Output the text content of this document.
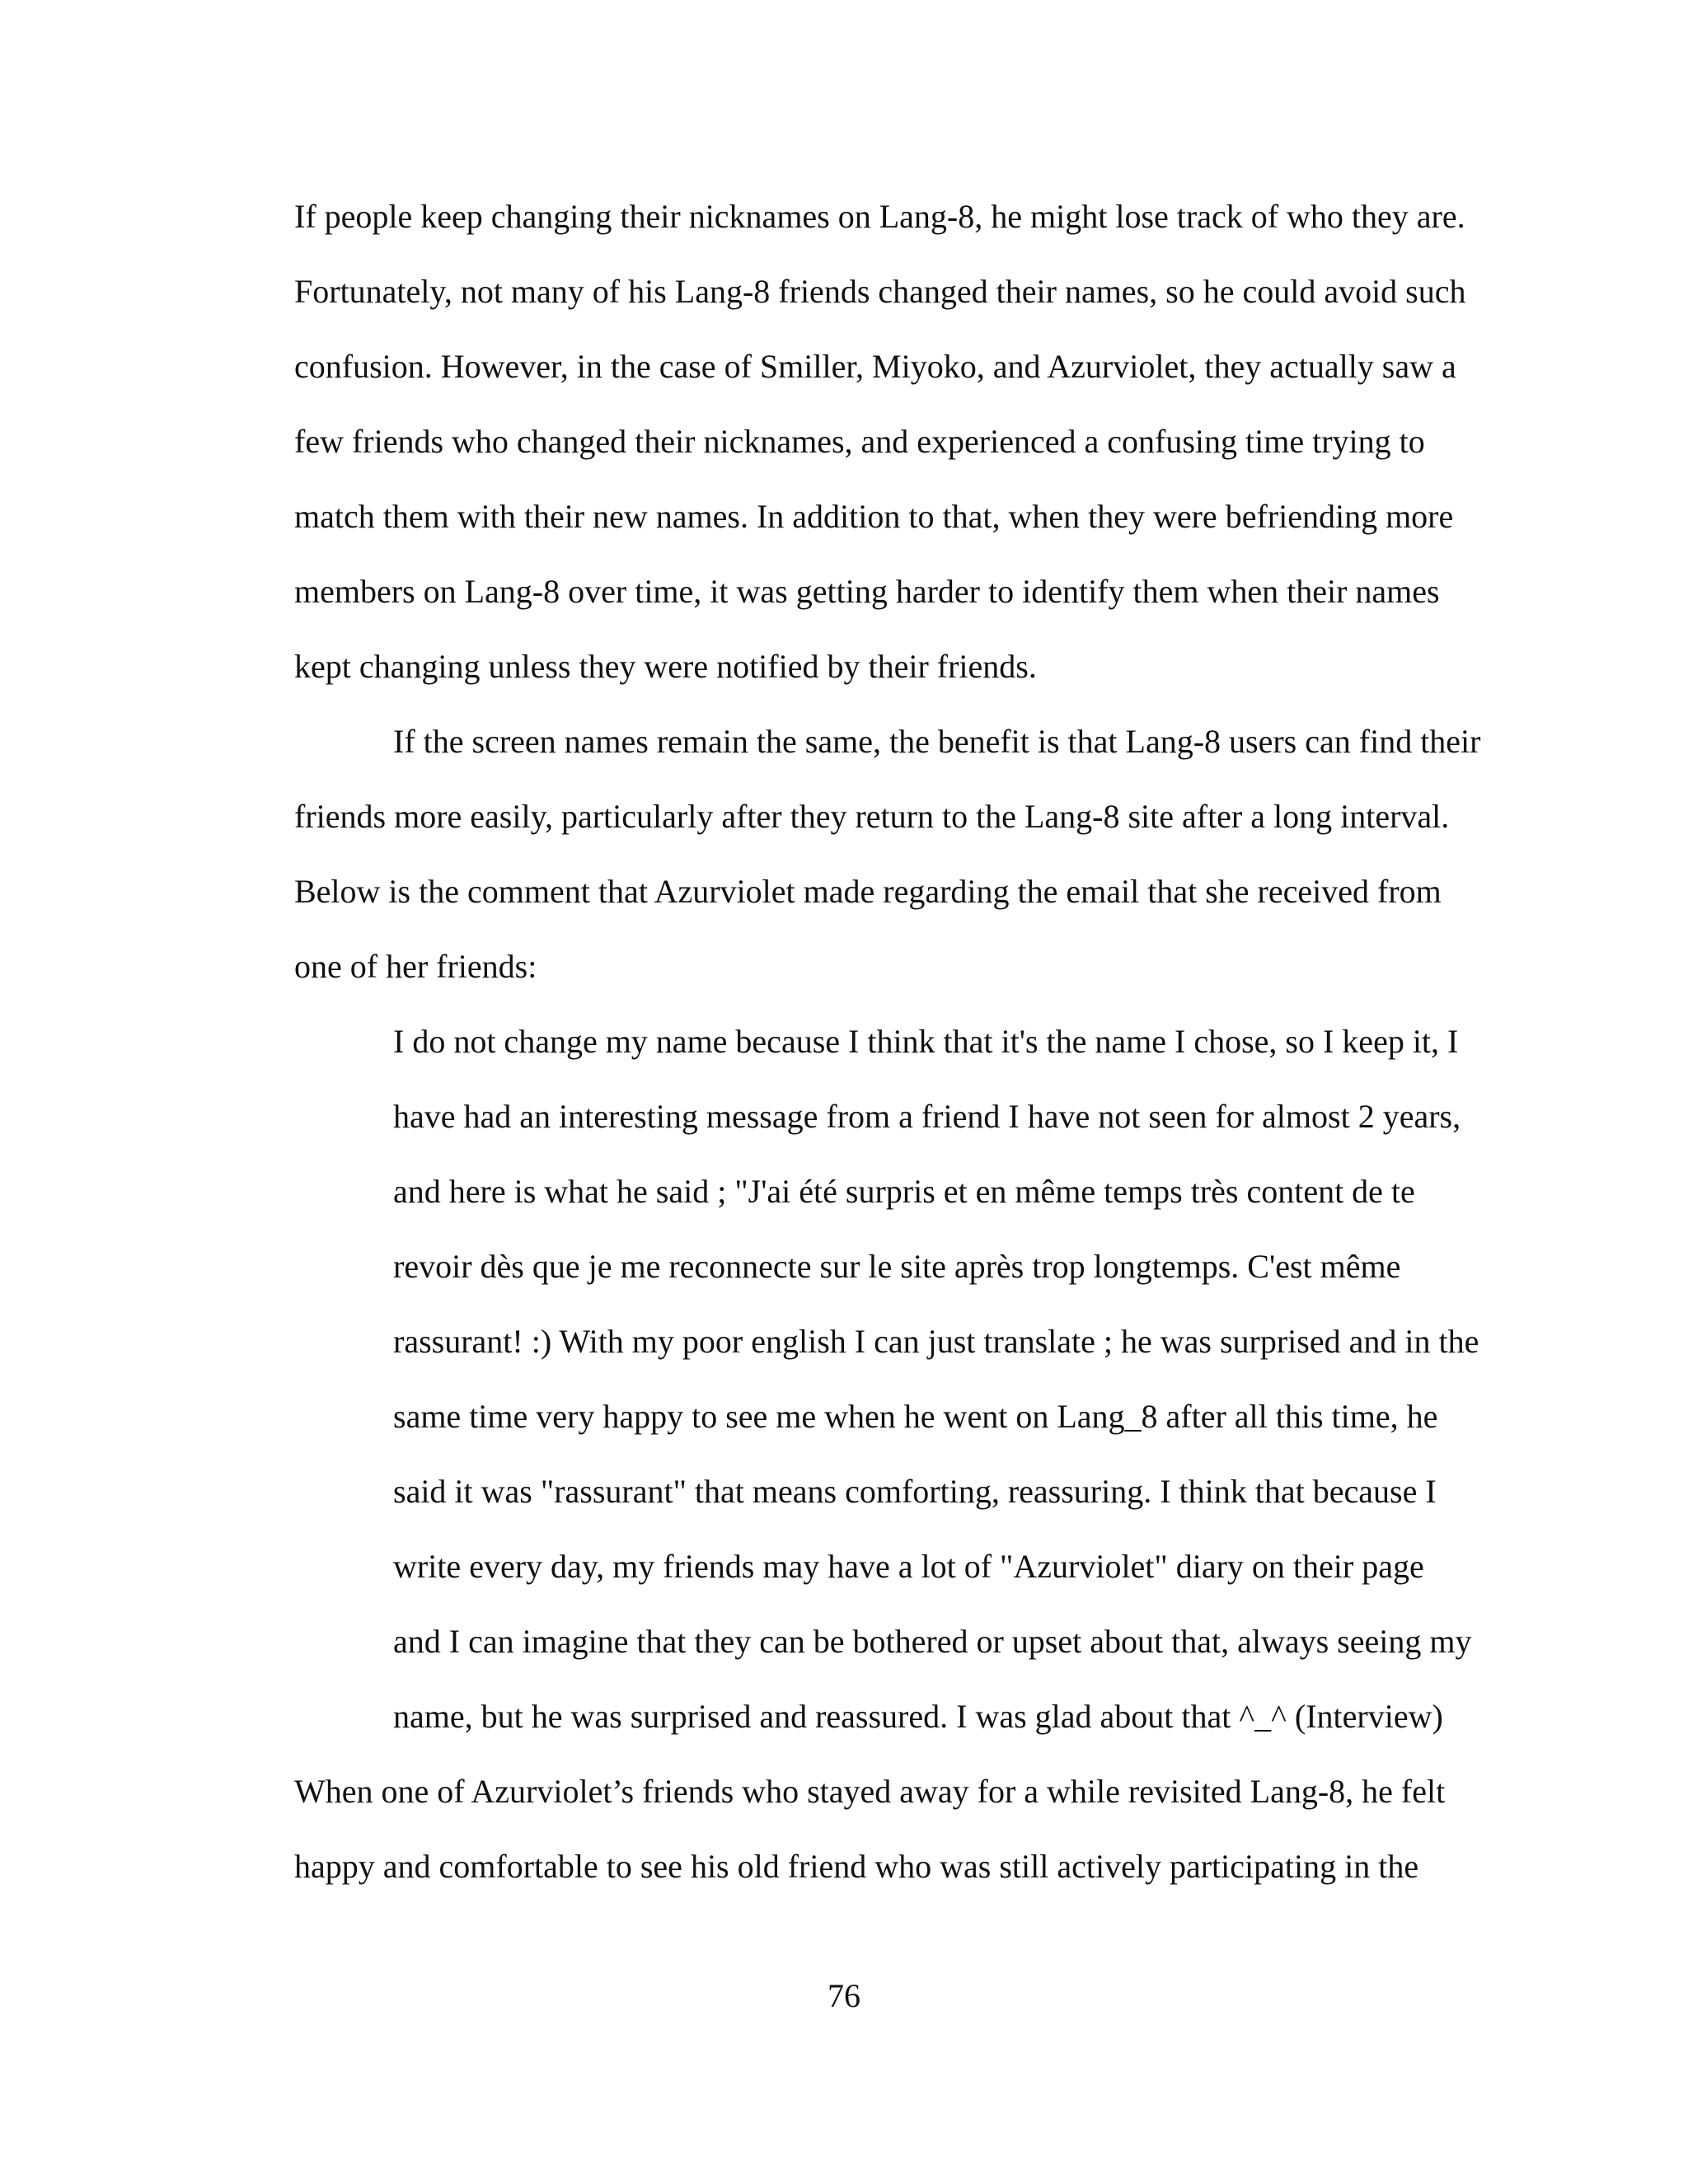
If people keep changing their nicknames on Lang-8, he might lose track of who they are.
Fortunately, not many of his Lang-8 friends changed their names, so he could avoid such
confusion. However, in the case of Smiller, Miyoko, and Azurviolet, they actually saw a
few friends who changed their nicknames, and experienced a confusing time trying to
match them with their new names. In addition to that, when they were befriending more
members on Lang-8 over time, it was getting harder to identify them when their names
kept changing unless they were notified by their friends.
If the screen names remain the same, the benefit is that Lang-8 users can find their
friends more easily, particularly after they return to the Lang-8 site after a long interval.
Below is the comment that Azurviolet made regarding the email that she received from
one of her friends:
I do not change my name because I think that it's the name I chose, so I keep it, I
have had an interesting message from a friend I have not seen for almost 2 years,
and here is what he said ; "J'ai été surpris et en même temps très content de te
revoir dès que je me reconnecte sur le site après trop longtemps. C'est même
rassurant! :) With my poor english I can just translate ; he was surprised and in the
same time very happy to see me when he went on Lang_8 after all this time, he
said it was "rassurant" that means comforting, reassuring. I think that because I
write every day, my friends may have a lot of "Azurviolet" diary on their page
and I can imagine that they can be bothered or upset about that, always seeing my
name, but he was surprised and reassured. I was glad about that ^_^ (Interview)
When one of Azurviolet’s friends who stayed away for a while revisited Lang-8, he felt
happy and comfortable to see his old friend who was still actively participating in the
76
